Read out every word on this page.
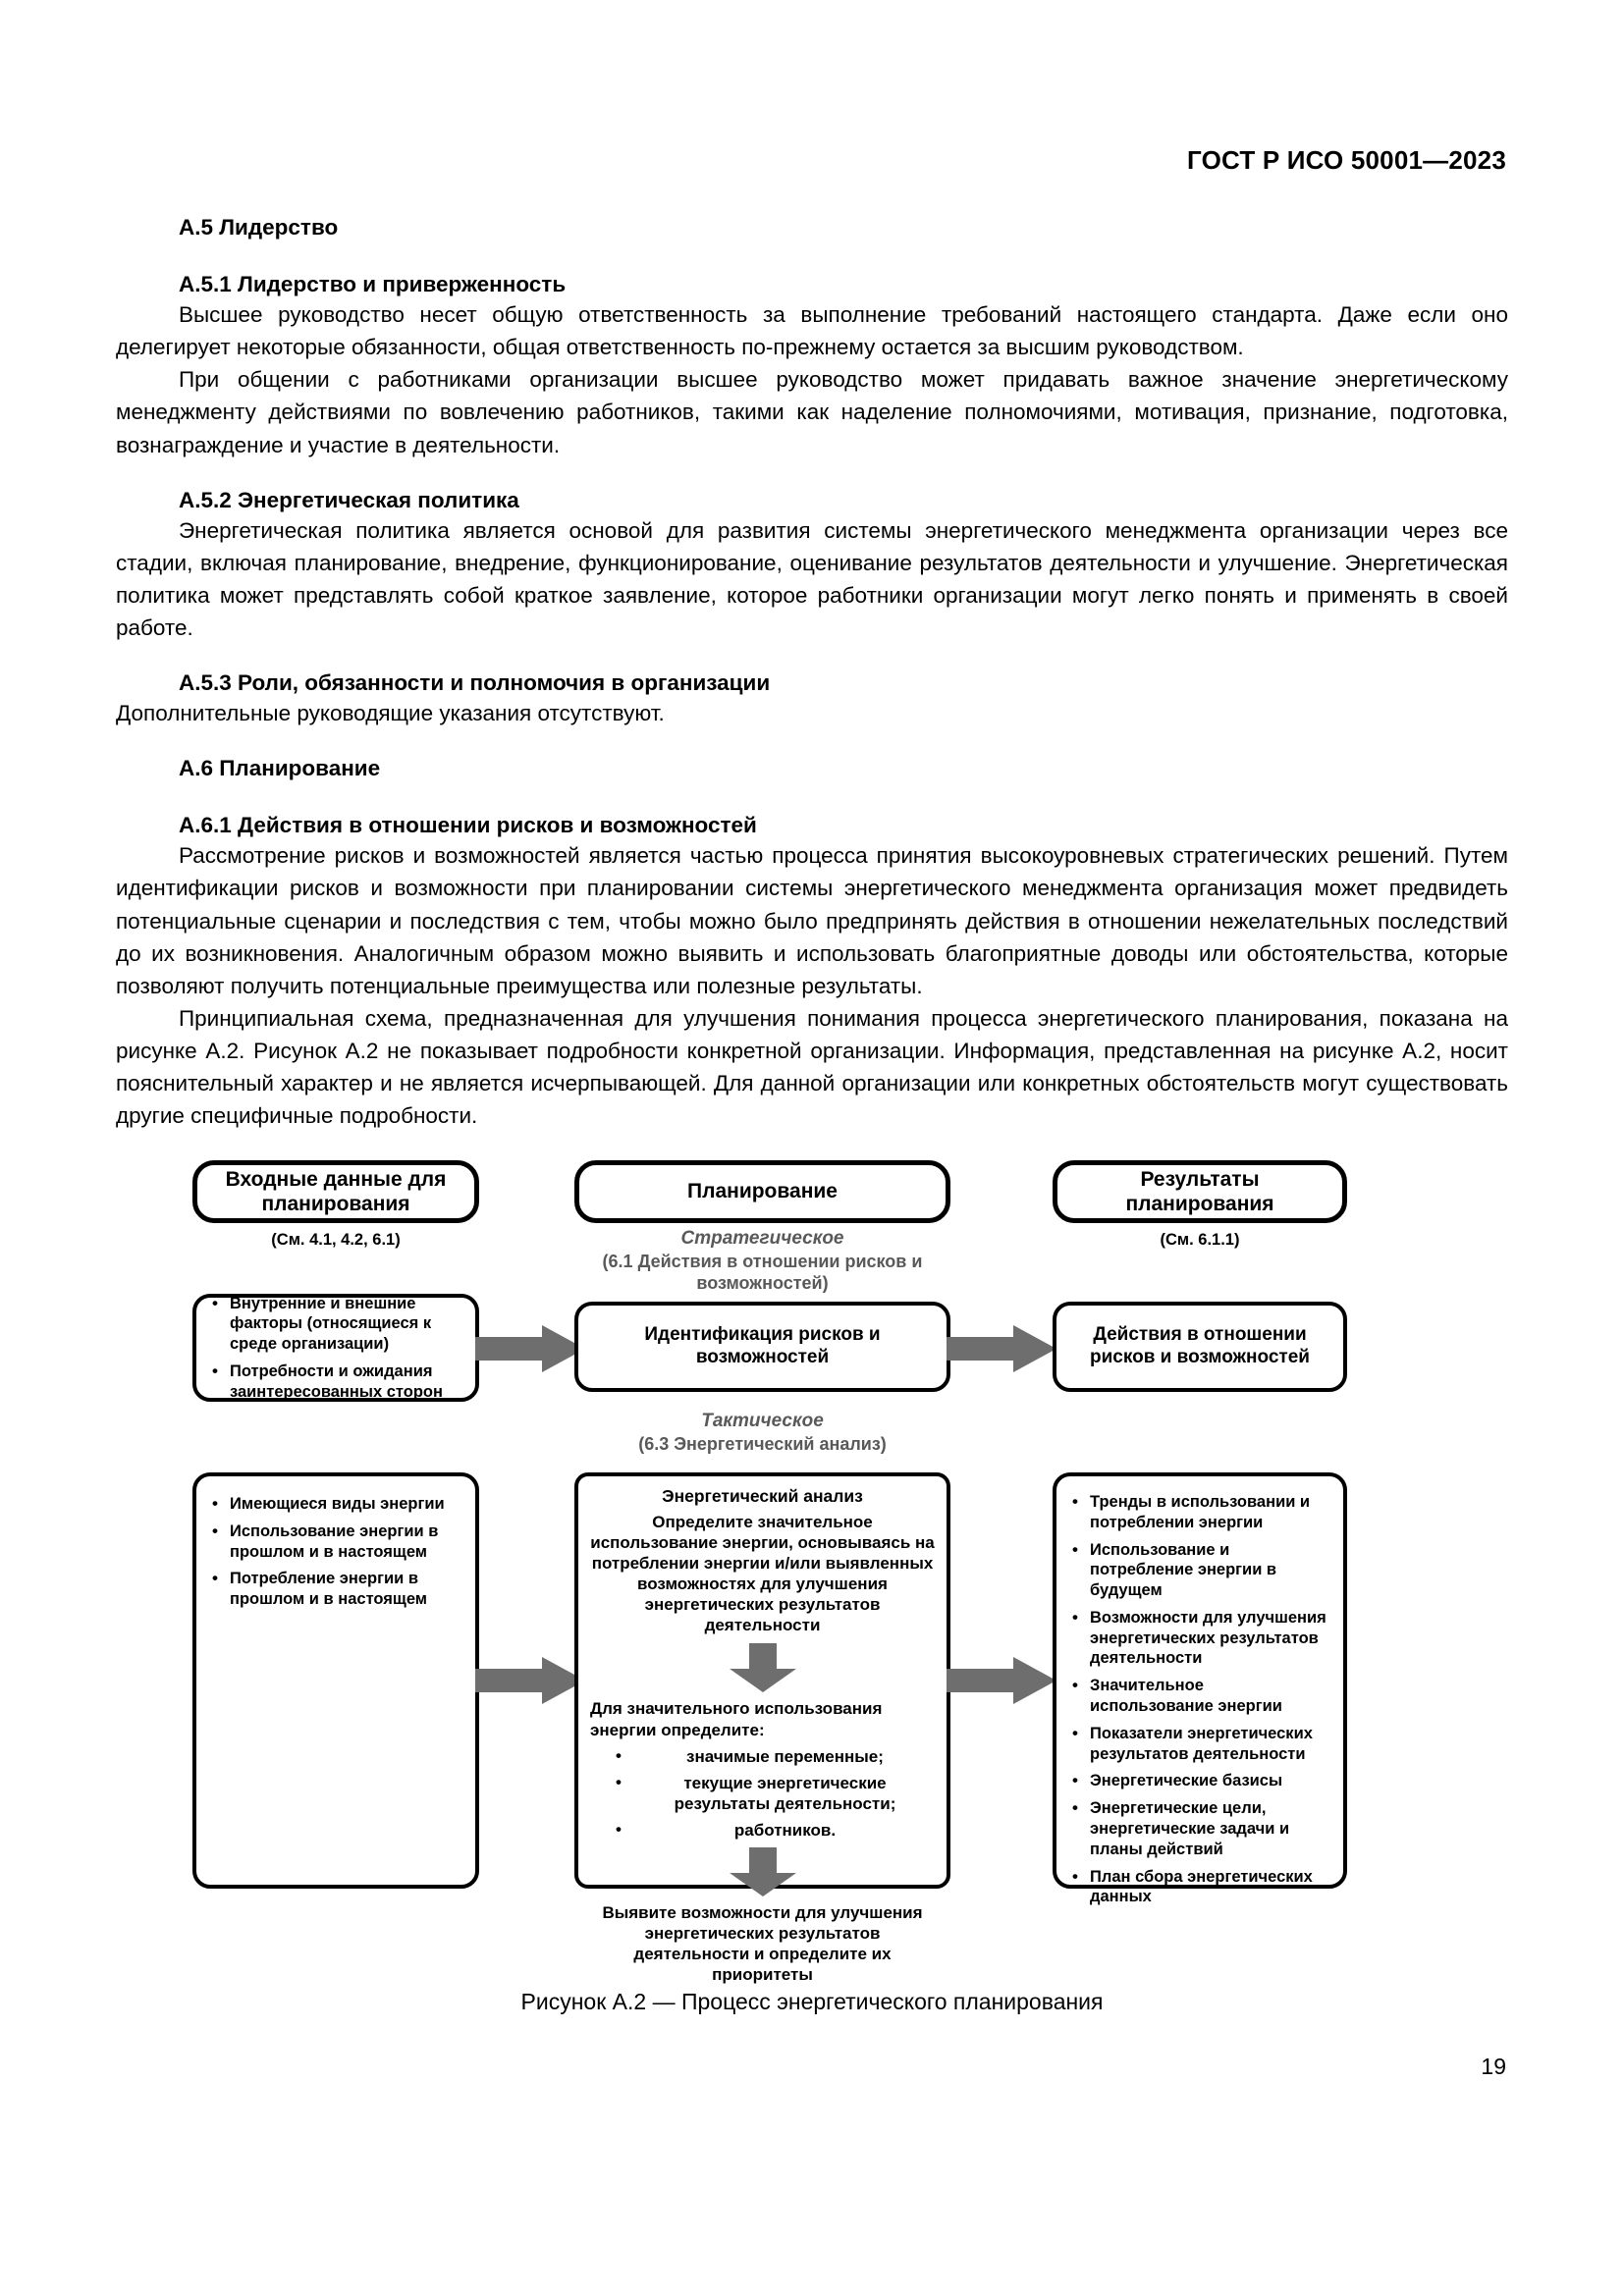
ГОСТ Р ИСО 50001—2023
А.5 Лидерство
А.5.1 Лидерство и приверженность

Высшее руководство несет общую ответственность за выполнение требований настоящего стандарта. Даже если оно делегирует некоторые обязанности, общая ответственность по-прежнему остается за высшим руководством.

При общении с работниками организации высшее руководство может придавать важное значение энергетическому менеджменту действиями по вовлечению работников, такими как наделение полномочиями, мотивация, признание, подготовка, вознаграждение и участие в деятельности.

А.5.2 Энергетическая политика

Энергетическая политика является основой для развития системы энергетического менеджмента организации через все стадии, включая планирование, внедрение, функционирование, оценивание результатов деятельности и улучшение. Энергетическая политика может представлять собой краткое заявление, которое работники организации могут легко понять и применять в своей работе.

А.5.3 Роли, обязанности и полномочия в организации

Дополнительные руководящие указания отсутствуют.

А.6 Планирование
А.6.1 Действия в отношении рисков и возможностей

Рассмотрение рисков и возможностей является частью процесса принятия высокоуровневых стратегических решений. Путем идентификации рисков и возможности при планировании системы энергетического менеджмента организация может предвидеть потенциальные сценарии и последствия с тем, чтобы можно было предпринять действия в отношении нежелательных последствий до их возникновения. Аналогичным образом можно выявить и использовать благоприятные доводы или обстоятельства, которые позволяют получить потенциальные преимущества или полезные результаты.

Принципиальная схема, предназначенная для улучшения понимания процесса энергетического планирования, показана на рисунке А.2. Рисунок А.2 не показывает подробности конкретной организации. Информация, представленная на рисунке А.2, носит пояснительный характер и не является исчерпывающей. Для данной организации или конкретных обстоятельств могут существовать другие специфичные подробности.

Входные данные для планирования
(См. 4.1, 4.2, 6.1)
Планирование
Результаты планирования
(См. 6.1.1)
Стратегическое
(6.1 Действия в отношении рисков и возможностей)
• Внутренние и внешние факторы (относящиеся к среде организации)
• Потребности и ожидания заинтересованных сторон
Идентификация рисков и возможностей
Действия в отношении рисков и возможностей
Тактическое
(6.3 Энергетический анализ)
• Имеющиеся виды энергии
• Использование энергии в прошлом и в настоящем
• Потребление энергии в прошлом и в настоящем
Энергетический анализ
Определите значительное использование энергии, основываясь на потреблении энергии и/или выявленных возможностях для улучшения энергетических результатов деятельности
Для значительного использования энергии определите:
• значимые переменные;
• текущие энергетические результаты деятельности;
• работников.
Выявите возможности для улучшения энергетических результатов деятельности и определите их приоритеты
• Тренды в использовании и потреблении энергии
• Использование и потребление энергии в будущем
• Возможности для улучшения энергетических результатов деятельности
• Значительное использование энергии
• Показатели энергетических результатов деятельности
• Энергетические базисы
• Энергетические цели, энергетические задачи и планы действий
• План сбора энергетических данных
Рисунок А.2 — Процесс энергетического планирования
19
